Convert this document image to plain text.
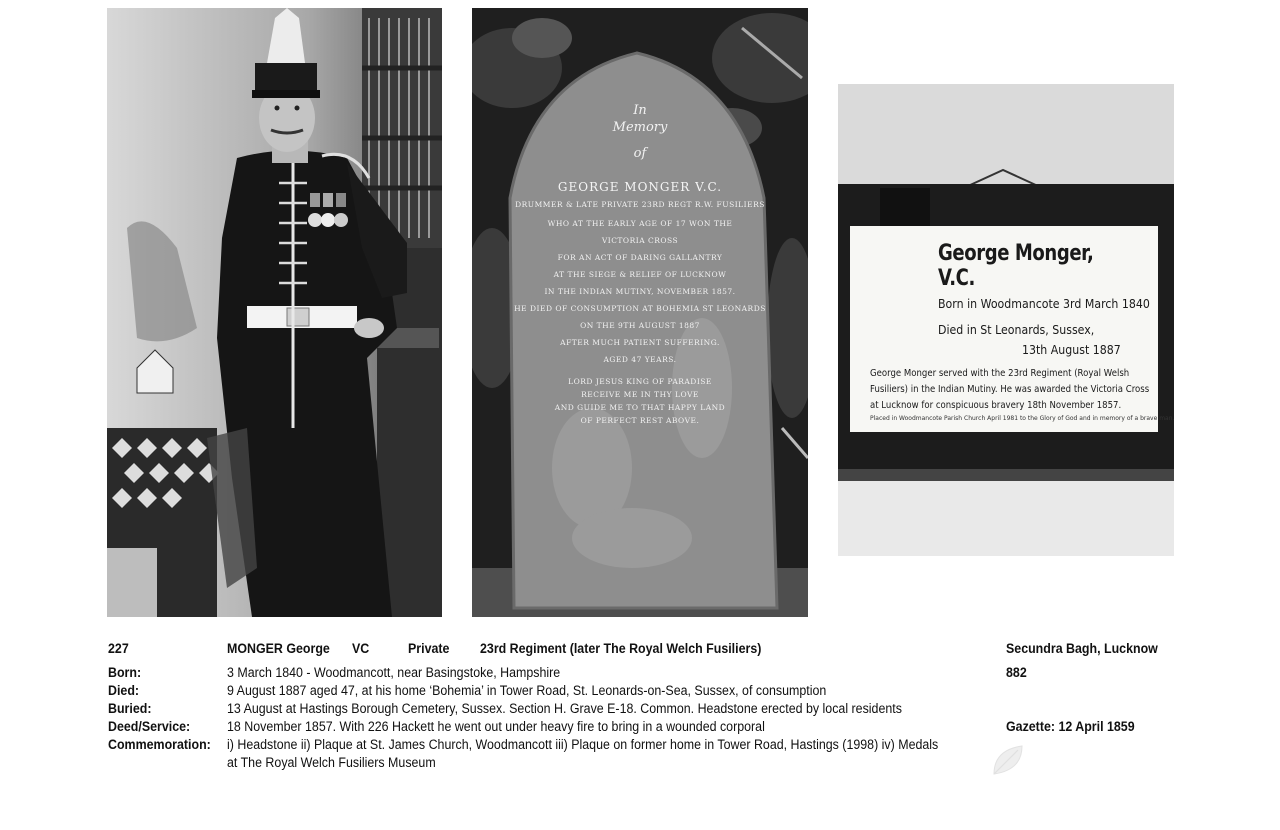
In
Memory
of
GEORGE MONGER V.C.
DRUMMER & LATE PRIVATE 23RD REGT R.W. FUSILIERS
WHO AT THE EARLY AGE OF 17 WON THE
VICTORIA CROSS
FOR AN ACT OF DARING GALLANTRY
AT THE SIEGE & RELIEF OF LUCKNOW
IN THE INDIAN MUTINY, NOVEMBER 1857.
HE DIED OF CONSUMPTION AT BOHEMIA ST LEONARDS
ON THE 9TH AUGUST 1887
AFTER MUCH PATIENT SUFFERING.
AGED 47 YEARS.
LORD JESUS KING OF PARADISE
RECEIVE ME IN THY LOVE
AND GUIDE ME TO THAT HAPPY LAND
OF PERFECT REST ABOVE.
George Monger, V.C.
Born in Woodmancote 3rd March 1840
Died in St Leonards, Sussex,
13th August 1887
George Monger served with the 23rd Regiment (Royal Welsh
Fusiliers) in the Indian Mutiny. He was awarded the Victoria Cross
at Lucknow for conspicuous bravery 18th November 1857.
Placed in Woodmancote Parish Church April 1981 to the Glory of God and in memory of a brave man.
227	MONGER George VC	Private 23rd Regiment (later The Royal Welch Fusiliers)	Secundra Bagh, Lucknow
Born:	3 March 1840 - Woodmancott, near Basingstoke, Hampshire	882
Died:	9 August 1887 aged 47, at his home ‘Bohemia’ in Tower Road, St. Leonards-on-Sea, Sussex, of consumption
Buried:	13 August at Hastings Borough Cemetery, Sussex. Section H. Grave E-18. Common. Headstone erected by local residents
Deed/Service:	18 November 1857. With 226 Hackett he went out under heavy fire to bring in a wounded corporal	Gazette: 12 April 1859
Commemoration: i) Headstone ii) Plaque at St. James Church, Woodmancott iii) Plaque on former home in Tower Road, Hastings (1998) iv) Medals
at The Royal Welch Fusiliers Museum
